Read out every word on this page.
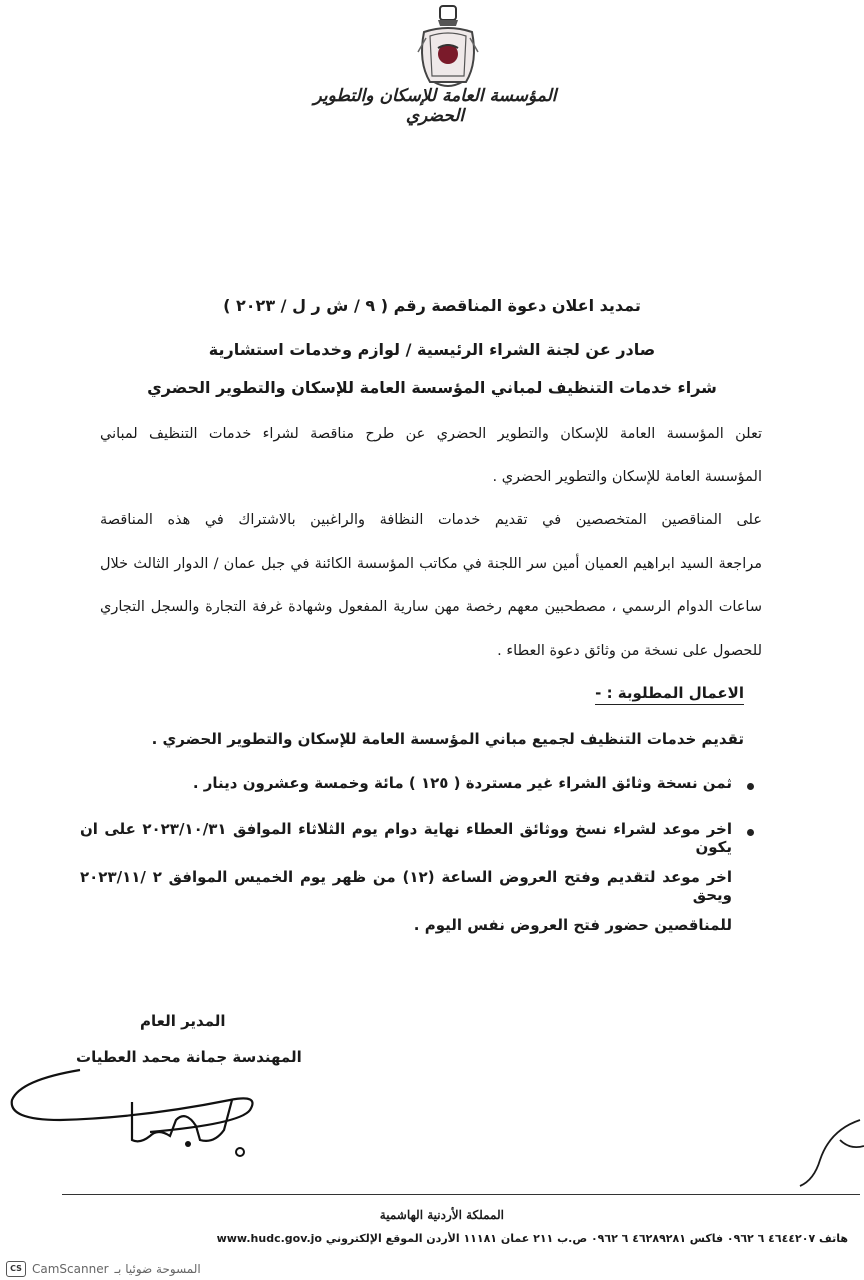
المؤسسة العامة للإسكان والتطوير الحضري
تمديد اعلان دعوة المناقصة رقم ( ٩ / ش ر ل / ٢٠٢٣ )
صادر عن لجنة الشراء الرئيسية / لوازم وخدمات استشارية
شراء خدمات التنظيف لمباني المؤسسة العامة للإسكان والتطوير الحضري
تعلن المؤسسة العامة للإسكان والتطوير الحضري عن طرح مناقصة لشراء خدمات التنظيف لمباني
المؤسسة العامة للإسكان والتطوير الحضري .
على المناقصين المتخصصين في تقديم خدمات النظافة والراغبين بالاشتراك في هذه المناقصة
مراجعة السيد ابراهيم العميان أمين سر اللجنة في مكاتب المؤسسة الكائنة في جبل عمان / الدوار الثالث خلال
ساعات الدوام الرسمي ، مصطحبين معهم رخصة مهن سارية المفعول وشهادة غرفة التجارة والسجل التجاري
للحصول على نسخة من وثائق دعوة العطاء .
الاعمال المطلوبة : -
تقديم خدمات التنظيف لجميع مباني المؤسسة العامة للإسكان والتطوير الحضري .
ثمن نسخة وثائق الشراء غير مستردة ( ١٢٥ ) مائة وخمسة وعشرون دينار .
اخر موعد لشراء نسخ ووثائق العطاء نهاية دوام يوم الثلاثاء الموافق ٢٠٢٣/١٠/٣١ على ان يكون
اخر موعد لتقديم وفتح العروض الساعة (١٢) من ظهر يوم الخميس الموافق ٢ /٢٠٢٣/١١ ويحق
للمناقصين حضور فتح العروض نفس اليوم .
المدير العام
المهندسة جمانة محمد العطيات
المملكة الأردنية الهاشمية
هاتف ٤٦٤٤٢٠٧ ٦ ٠٩٦٢ فاكس ٤٦٢٨٩٢٨١ ٦ ٠٩٦٢ ص.ب ٢١١ عمان ١١١٨١ الأردن الموقع الإلكتروني www.hudc.gov.jo
CS CamScanner المسوحة ضوئيا بـ
